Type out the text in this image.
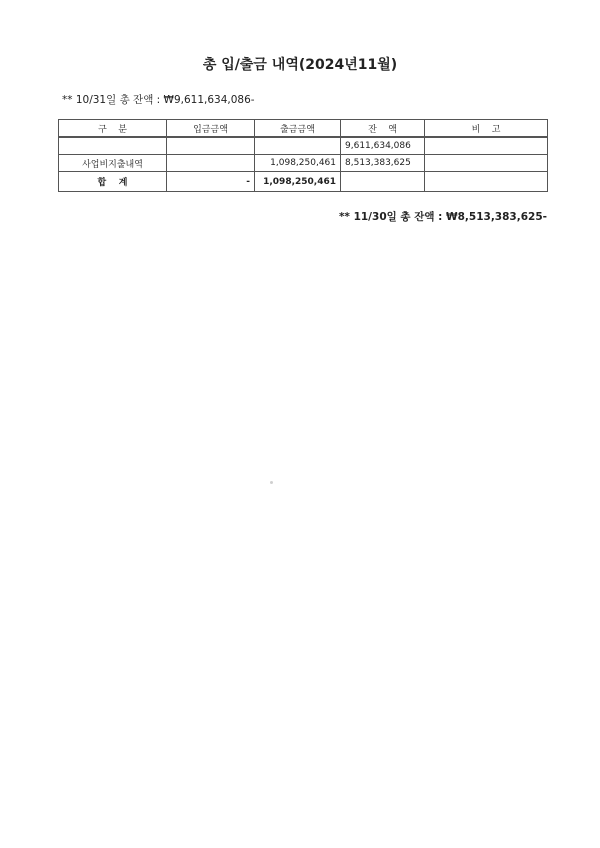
총 입/출금 내역(2024년11월)
** 10/31일 총 잔액 : ₩9,611,634,086-
구    분	입금금액	출금금액	잔    액	비    고
			9,611,634,086	
사업비지출내역		1,098,250,461	8,513,383,625	
합    계	-	1,098,250,461		
** 11/30일 총 잔액 : ₩8,513,383,625-
